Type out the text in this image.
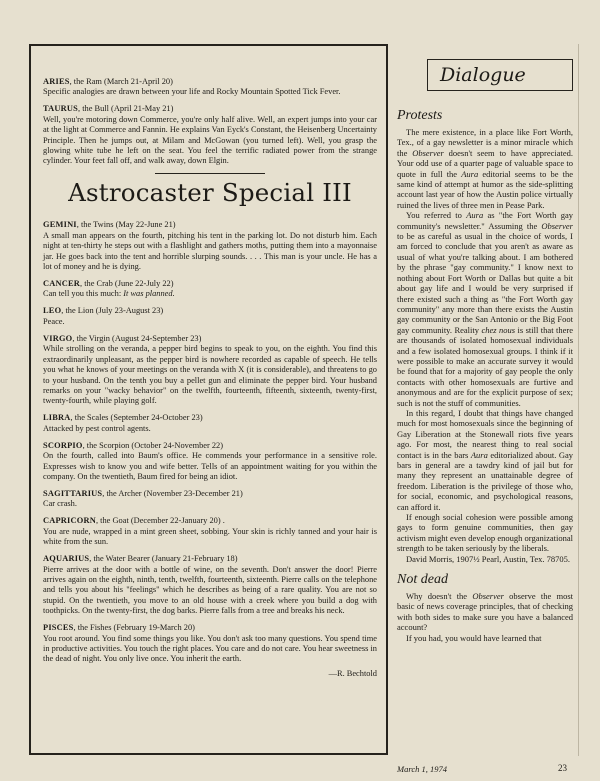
ARIES, the Ram (March 21-April 20)
Specific analogies are drawn between your life and Rocky Mountain Spotted Tick Fever.
TAURUS, the Bull (April 21-May 21)
Well, you're motoring down Commerce, you're only half alive. Well, an expert jumps into your car at the light at Commerce and Fannin. He explains Van Eyck's Constant, the Heisenberg Uncertainty Principle. Then he jumps out, at Milam and McGowan (you turned left). Well, you grasp the glowing white tube he left on the seat. You feel the terrific radiated power from the strange cylinder. Your feet fall off, and walk away, down Elgin.
Astrocaster Special III
GEMINI, the Twins (May 22-June 21)
A small man appears on the fourth, pitching his tent in the parking lot. Do not disturb him. Each night at ten-thirty he steps out with a flashlight and gathers moths, putting them into a mayonnaise jar. He goes back into the tent and horrible slurping sounds. . . . This man is your uncle. He has a lot of money and he is dying.
CANCER, the Crab (June 22-July 22)
Can tell you this much: It was planned.
LEO, the Lion (July 23-August 23)
Peace.
VIRGO, the Virgin (August 24-September 23)
While strolling on the veranda, a pepper bird begins to speak to you, on the eighth. You find this extraordinarily unpleasant, as the pepper bird is nowhere recorded as capable of speech. He tells you what he knows of your meetings on the veranda with X (it is considerable), and threatens to go to your husband. On the tenth you buy a pellet gun and eliminate the pepper bird. Your husband remarks on your "wacky behavior" on the twelfth, fourteenth, fifteenth, sixteenth, twenty-first, twenty-fourth, while playing golf.
LIBRA, the Scales (September 24-October 23)
Attacked by pest control agents.
SCORPIO, the Scorpion (October 24-November 22)
On the fourth, called into Baum's office. He commends your performance in a sensitive role. Expresses wish to know you and wife better. Tells of an appointment waiting for you within the company. On the twentieth, Baum fired for being an idiot.
SAGITTARIUS, the Archer (November 23-December 21)
Car crash.
CAPRICORN, the Goat (December 22-January 20) .
You are nude, wrapped in a mint green sheet, sobbing. Your skin is richly tanned and your hair is white from the sun.
AQUARIUS, the Water Bearer (January 21-February 18)
Pierre arrives at the door with a bottle of wine, on the seventh. Don't answer the door! Pierre arrives again on the eighth, ninth, tenth, twelfth, fourteenth, sixteenth. Pierre calls on the telephone and tells you about his "feelings" which he describes as being of a rare quality. You are not so stupid. On the twentieth, you move to an old house with a creek where you build a dog with toothpicks. On the twenty-first, the dog barks. Pierre falls from a tree and breaks his neck.
PISCES, the Fishes (February 19-March 20)
You root around. You find some things you like. You don't ask too many questions. You spend time in productive activities. You touch the right places. You care and do not care. You hear sweetness in the dead of night. You only live once. You inherit the earth.
—R. Bechtold
Dialogue
Protests

The mere existence, in a place like Fort Worth, Tex., of a gay newsletter is a minor miracle which the Observer doesn't seem to have appreciated. Your odd use of a quarter page of valuable space to quote in full the Aura editorial seems to be the same kind of attempt at humor as the side-splitting account last year of how the Austin police virtually ruined the lives of three men in Pease Park.

You referred to Aura as "the Fort Worth gay community's newsletter." Assuming the Observer to be as careful as usual in the choice of words, I am forced to conclude that you aren't as aware as usual of what you're talking about. I am bothered by the phrase "gay community." I know next to nothing about Fort Worth or Dallas but quite a bit about gay life and I would be very surprised if there existed such a thing as "the Fort Worth gay community" any more than there exists the Austin gay community or the San Antonio or the Big Foot gay community. Reality chez nous is still that there are thousands of isolated homosexual individuals and a few isolated homosexual groups. I think if it were possible to make an accurate survey it would be found that for a majority of gay people the only contacts with other homosexuals are furtive and anonymous and are for the explicit purpose of sex; such is not the stuff of communities.

In this regard, I doubt that things have changed much for most homosexuals since the beginning of Gay Liberation at the Stonewall riots five years ago. For most, the nearest thing to real social contact is in the bars Aura editorialized about. Gay bars in general are a tawdry kind of jail but for many they represent an unattainable degree of freedom. Liberation is the privilege of those who, for social, economic, and psychological reasons, can afford it.

If enough social cohesion were possible among gays to form genuine communities, then gay activism might even develop enough organizational strength to be taken seriously by the liberals.

David Morris, 1907½ Pearl, Austin, Tex. 78705.

Not dead

Why doesn't the Observer observe the most basic of news coverage principles, that of checking with both sides to make sure you have a balanced account?

If you had, you would have learned that

March 1, 1974	23
